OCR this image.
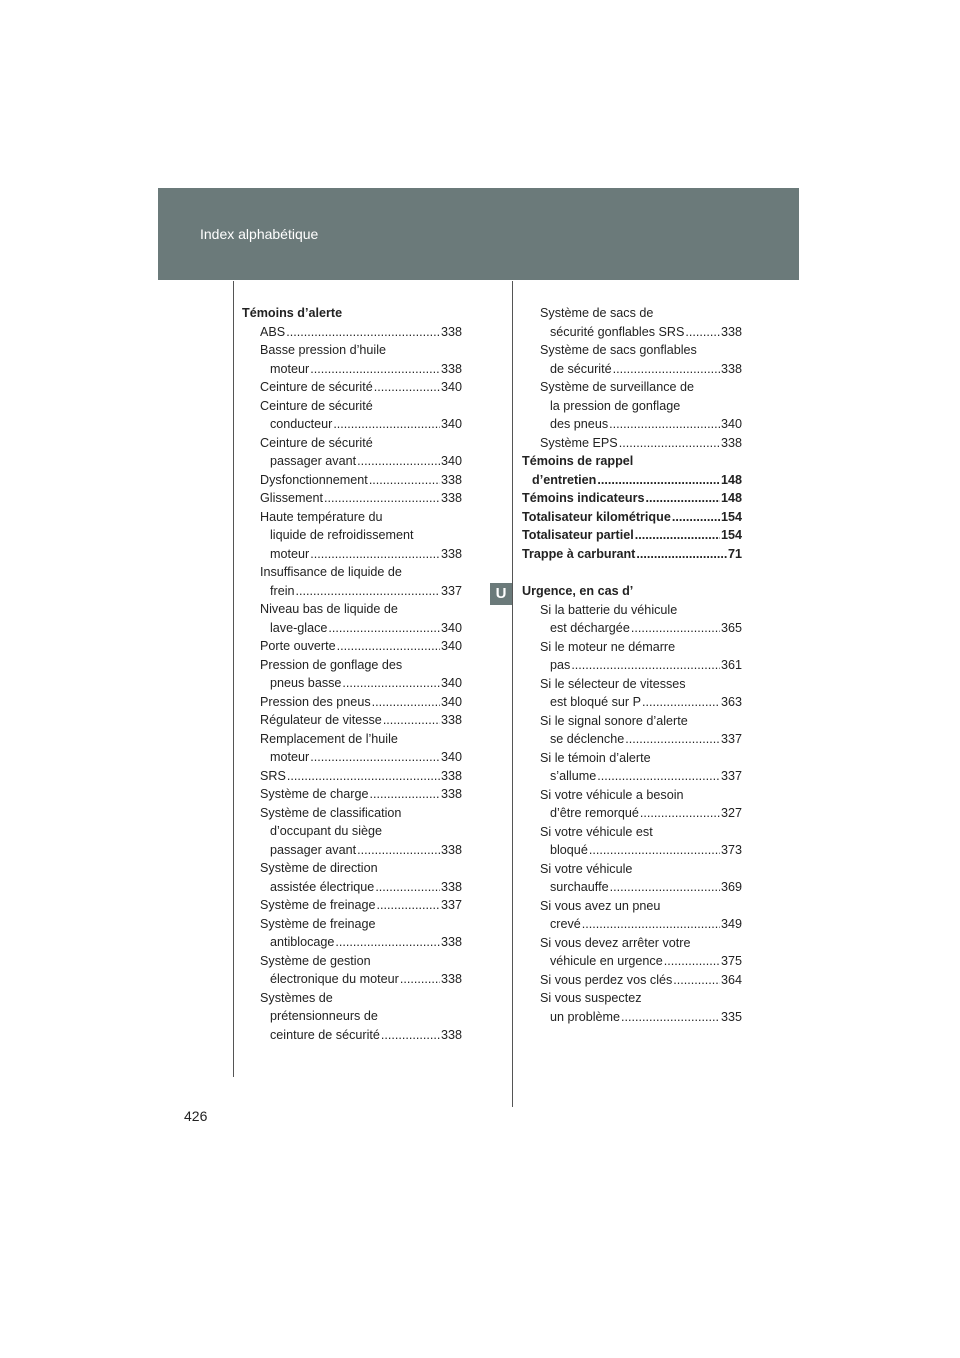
Index alphabétique
U
Témoins d’alerte
ABS .....	338
Basse pression d’huile
moteur .....	338
Ceinture de sécurité .....	340
Ceinture de sécurité
conducteur .....	340
Ceinture de sécurité
passager avant .....	340
Dysfonctionnement .....	338
Glissement .....	338
Haute température du
liquide de refroidissement
moteur .....	338
Insuffisance de liquide de
frein .....	337
Niveau bas de liquide de
lave-glace .....	340
Porte ouverte .....	340
Pression de gonflage des
pneus basse .....	340
Pression des pneus .....	340
Régulateur de vitesse .....	338
Remplacement de l’huile
moteur .....	340
SRS .....	338
Système de charge .....	338
Système de classification
d’occupant du siège
passager avant .....	338
Système de direction
assistée électrique .....	338
Système de freinage .....	337
Système de freinage
antiblocage .....	338
Système de gestion
électronique du moteur .....	338
Systèmes de
prétensionneurs de
ceinture de sécurité .....	338
Système de sacs de
sécurité gonflables SRS .....	338
Système de sacs gonflables
de sécurité .....	338
Système de surveillance de
la pression de gonflage
des pneus .....	340
Système EPS .....	338
Témoins de rappel
d’entretien .....	148
Témoins indicateurs .....	148
Totalisateur kilométrique .....	154
Totalisateur partiel .....	154
Trappe à carburant .....	71
Urgence, en cas d’
Si la batterie du véhicule
est déchargée .....	365
Si le moteur ne démarre
pas .....	361
Si le sélecteur de vitesses
est bloqué sur P .....	363
Si le signal sonore d’alerte
se déclenche .....	337
Si le témoin d’alerte
s’allume .....	337
Si votre véhicule a besoin
d’être remorqué .....	327
Si votre véhicule est
bloqué .....	373
Si votre véhicule
surchauffe .....	369
Si vous avez un pneu
crevé .....	349
Si vous devez arrêter votre
véhicule en urgence .....	375
Si vous perdez vos clés .....	364
Si vous suspectez
un problème .....	335
426
